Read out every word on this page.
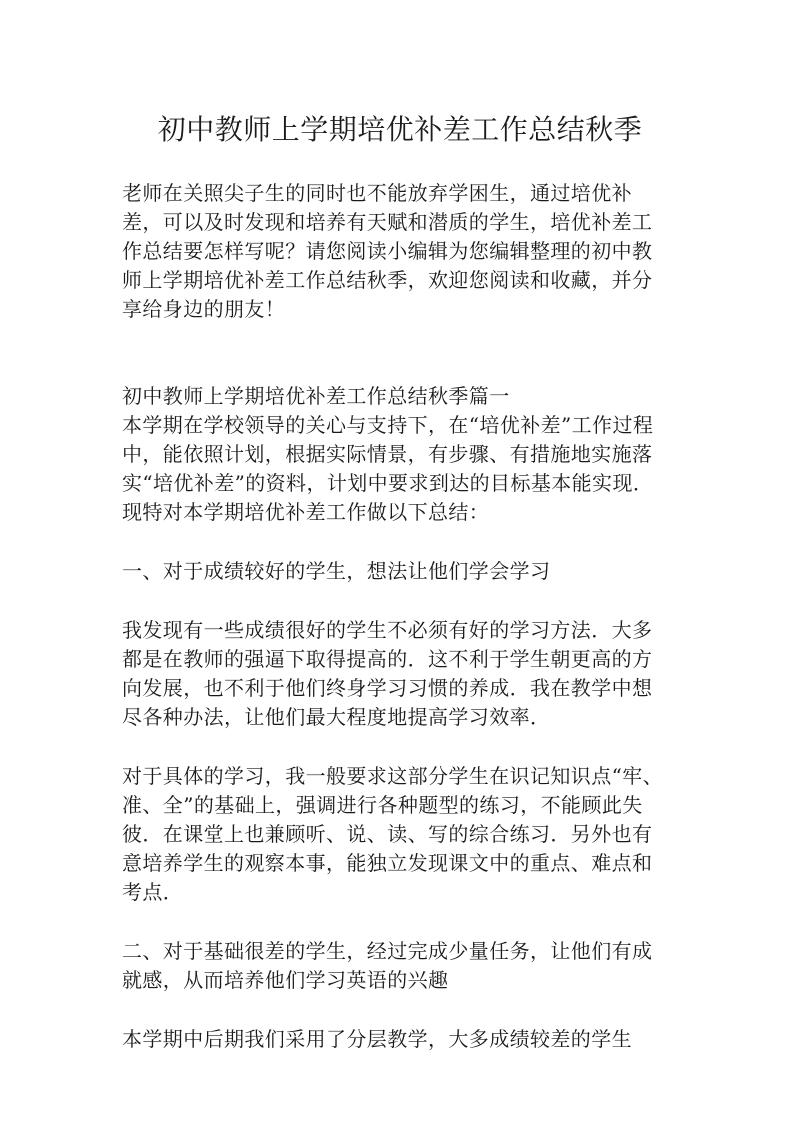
初中教师上学期培优补差工作总结秋季

老师在关照尖子生的同时也不能放弃学困生，通过培优补差，可以及时发现和培养有天赋和潜质的学生，培优补差工作总结要怎样写呢？请您阅读小编辑为您编辑整理的初中教师上学期培优补差工作总结秋季，欢迎您阅读和收藏，并分享给身边的朋友！

初中教师上学期培优补差工作总结秋季篇一

本学期在学校领导的关心与支持下，在“培优补差”工作过程中，能依照计划，根据实际情景，有步骤、有措施地实施落实“培优补差”的资料，计划中要求到达的目标基本能实现．现特对本学期培优补差工作做以下总结：

一、对于成绩较好的学生，想法让他们学会学习

我发现有一些成绩很好的学生不必须有好的学习方法．大多都是在教师的强逼下取得提高的．这不利于学生朝更高的方向发展，也不利于他们终身学习习惯的养成．我在教学中想尽各种办法，让他们最大程度地提高学习效率．

对于具体的学习，我一般要求这部分学生在识记知识点“牢、准、全”的基础上，强调进行各种题型的练习，不能顾此失彼．在课堂上也兼顾听、说、读、写的综合练习．另外也有意培养学生的观察本事，能独立发现课文中的重点、难点和考点．

二、对于基础很差的学生，经过完成少量任务，让他们有成就感，从而培养他们学习英语的兴趣

本学期中后期我们采用了分层教学，大多成绩较差的学生
